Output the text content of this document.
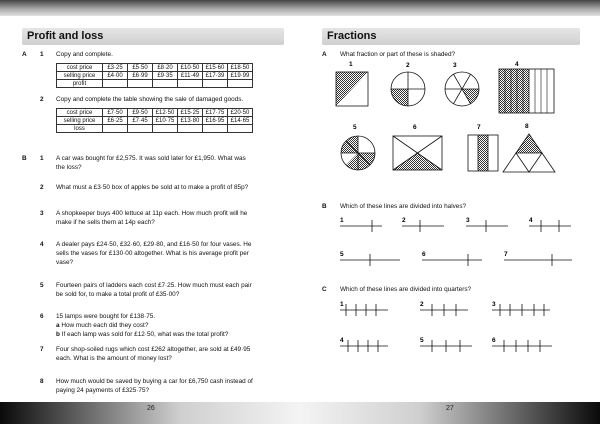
Profit and loss
A 1 Copy and complete.
cost price	£3·25	£5·50	£8·20	£10·50	£15·60	£18·50
selling price	£4·00	£6·99	£9·35	£11·49	£17·39	£19·99
profit						
2 Copy and complete the table showing the sale of damaged goods.
cost price	£7·50	£9·50	£12·50	£15·25	£17·75	£20·50
selling price	£6·25	£7·45	£10·75	£13·80	£16·95	£14·65
loss						
B 1 A car was bought for £2,575. It was sold later for £1,950. What was
the loss?
2 What must a £3·50 box of apples be sold at to make a profit of 85p?
3 A shopkeeper buys 400 lettuce at 11p each. How much profit will he
make if he sells them at 14p each?
4 A dealer pays £24·50, £32·60, £29·80, and £16·50 for four vases. He
sells the vases for £130·00 altogether. What is his average profit per
vase?
5 Fourteen pairs of ladders each cost £7·25. How much must each pair
be sold for, to make a total profit of £35·00?
6 15 lamps were bought for £138·75.
a How much each did they cost?
b If each lamp was sold for £12·50, what was the total profit?
7 Four shop-soiled rugs which cost £262 altogether, are sold at £49·95
each. What is the amount of money lost?
8 How much would be saved by buying a car for £6,750 cash instead of
paying 24 payments of £325·75?
Fractions
A What fraction or part of these is shaded?
1	2	3	4
5	6	7	8
B Which of these lines are divided into halves?
1	2	3	4
5	6	7
C Which of these lines are divided into quarters?
1	2	3
4	5	6
26	27
